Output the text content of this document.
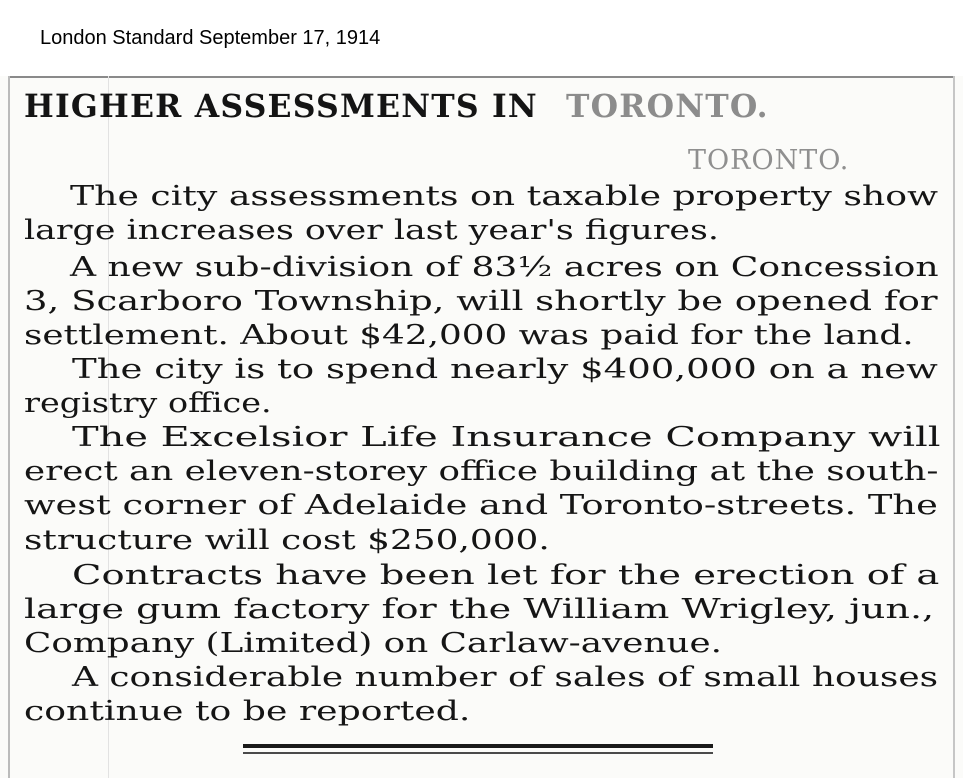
London Standard September 17, 1914
HIGHER ASSESSMENTS IN TORONTO.
TORONTO.
The city assessments on taxable property show
large increases over last year's figures.
A new sub-division of 83½ acres on Concession
3, Scarboro Township, will shortly be opened for
settlement. About $42,000 was paid for the land.
The city is to spend nearly $400,000 on a new
registry office.
The Excelsior Life Insurance Company will
erect an eleven-storey office building at the south-
west corner of Adelaide and Toronto-streets. The
structure will cost $250,000.
Contracts have been let for the erection of a
large gum factory for the William Wrigley, jun.,
Company (Limited) on Carlaw-avenue.
A considerable number of sales of small houses
continue to be reported.
